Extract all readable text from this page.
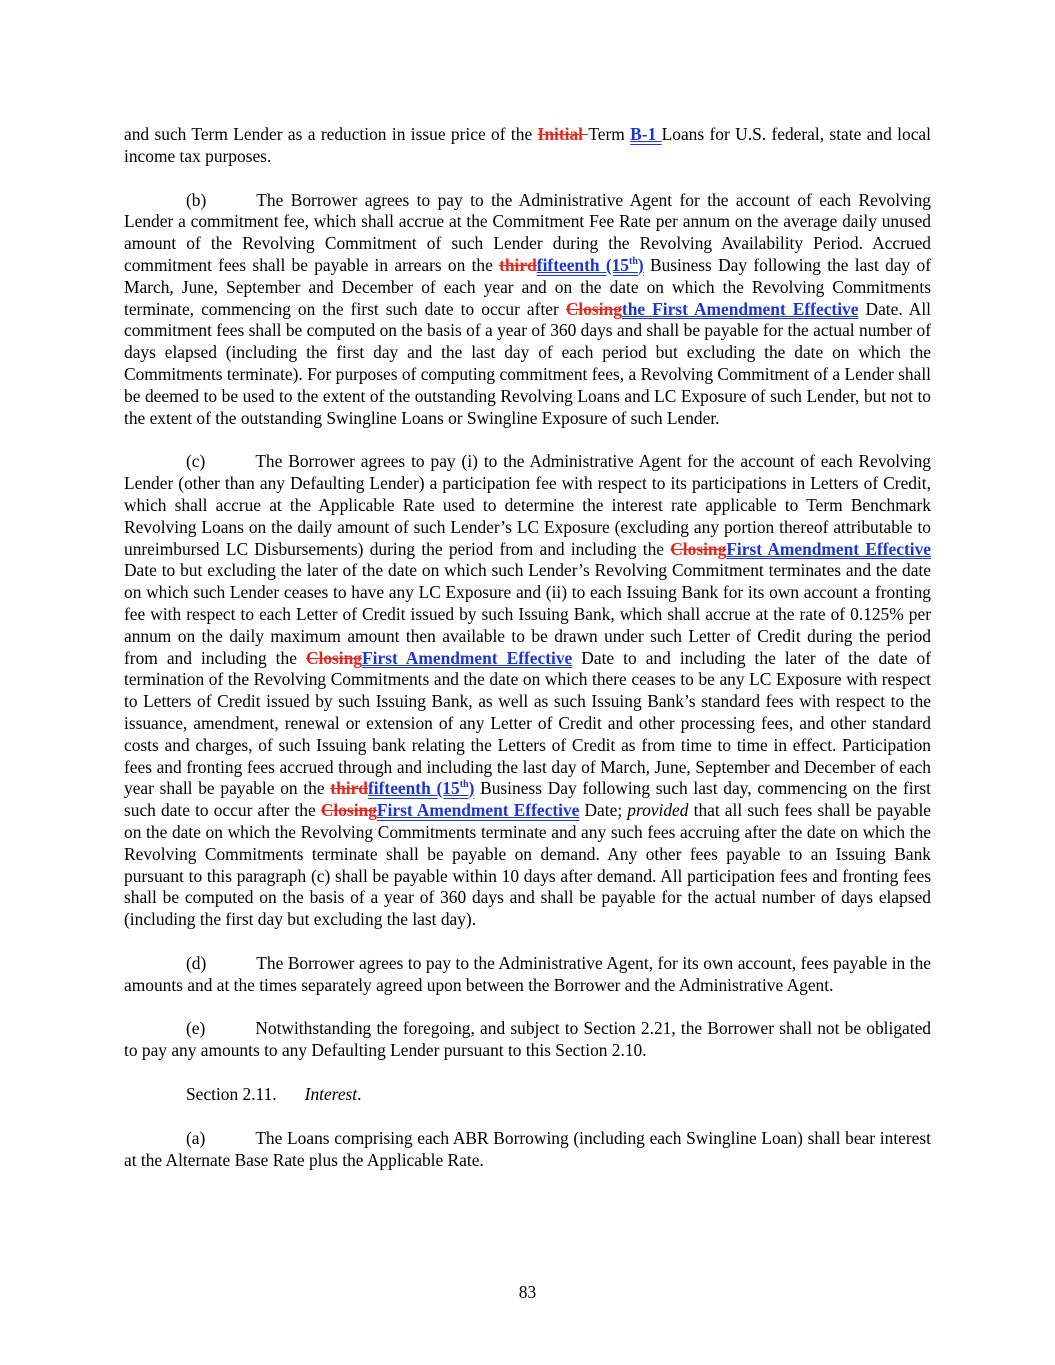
and such Term Lender as a reduction in issue price of the Initial Term B-1 Loans for U.S. federal, state and local income tax purposes.

(b)	The Borrower agrees to pay to the Administrative Agent for the account of each Revolving Lender a commitment fee, which shall accrue at the Commitment Fee Rate per annum on the average daily unused amount of the Revolving Commitment of such Lender during the Revolving Availability Period. Accrued commitment fees shall be payable in arrears on the thirdfifteenth (15th) Business Day following the last day of March, June, September and December of each year and on the date on which the Revolving Commitments terminate, commencing on the first such date to occur after Closingthe First Amendment Effective Date. All commitment fees shall be computed on the basis of a year of 360 days and shall be payable for the actual number of days elapsed (including the first day and the last day of each period but excluding the date on which the Commitments terminate). For purposes of computing commitment fees, a Revolving Commitment of a Lender shall be deemed to be used to the extent of the outstanding Revolving Loans and LC Exposure of such Lender, but not to the extent of the outstanding Swingline Loans or Swingline Exposure of such Lender.

(c)	The Borrower agrees to pay (i) to the Administrative Agent for the account of each Revolving Lender (other than any Defaulting Lender) a participation fee with respect to its participations in Letters of Credit, which shall accrue at the Applicable Rate used to determine the interest rate applicable to Term Benchmark Revolving Loans on the daily amount of such Lender’s LC Exposure (excluding any portion thereof attributable to unreimbursed LC Disbursements) during the period from and including the ClosingFirst Amendment Effective Date to but excluding the later of the date on which such Lender’s Revolving Commitment terminates and the date on which such Lender ceases to have any LC Exposure and (ii) to each Issuing Bank for its own account a fronting fee with respect to each Letter of Credit issued by such Issuing Bank, which shall accrue at the rate of 0.125% per annum on the daily maximum amount then available to be drawn under such Letter of Credit during the period from and including the ClosingFirst Amendment Effective Date to and including the later of the date of termination of the Revolving Commitments and the date on which there ceases to be any LC Exposure with respect to Letters of Credit issued by such Issuing Bank, as well as such Issuing Bank’s standard fees with respect to the issuance, amendment, renewal or extension of any Letter of Credit and other processing fees, and other standard costs and charges, of such Issuing bank relating the Letters of Credit as from time to time in effect. Participation fees and fronting fees accrued through and including the last day of March, June, September and December of each year shall be payable on the thirdfifteenth (15th) Business Day following such last day, commencing on the first such date to occur after the ClosingFirst Amendment Effective Date; provided that all such fees shall be payable on the date on which the Revolving Commitments terminate and any such fees accruing after the date on which the Revolving Commitments terminate shall be payable on demand. Any other fees payable to an Issuing Bank pursuant to this paragraph (c) shall be payable within 10 days after demand. All participation fees and fronting fees shall be computed on the basis of a year of 360 days and shall be payable for the actual number of days elapsed (including the first day but excluding the last day).

(d)	The Borrower agrees to pay to the Administrative Agent, for its own account, fees payable in the amounts and at the times separately agreed upon between the Borrower and the Administrative Agent.

(e)	Notwithstanding the foregoing, and subject to Section 2.21, the Borrower shall not be obligated to pay any amounts to any Defaulting Lender pursuant to this Section 2.10.

Section 2.11. Interest.

(a)	The Loans comprising each ABR Borrowing (including each Swingline Loan) shall bear interest at the Alternate Base Rate plus the Applicable Rate.

83
